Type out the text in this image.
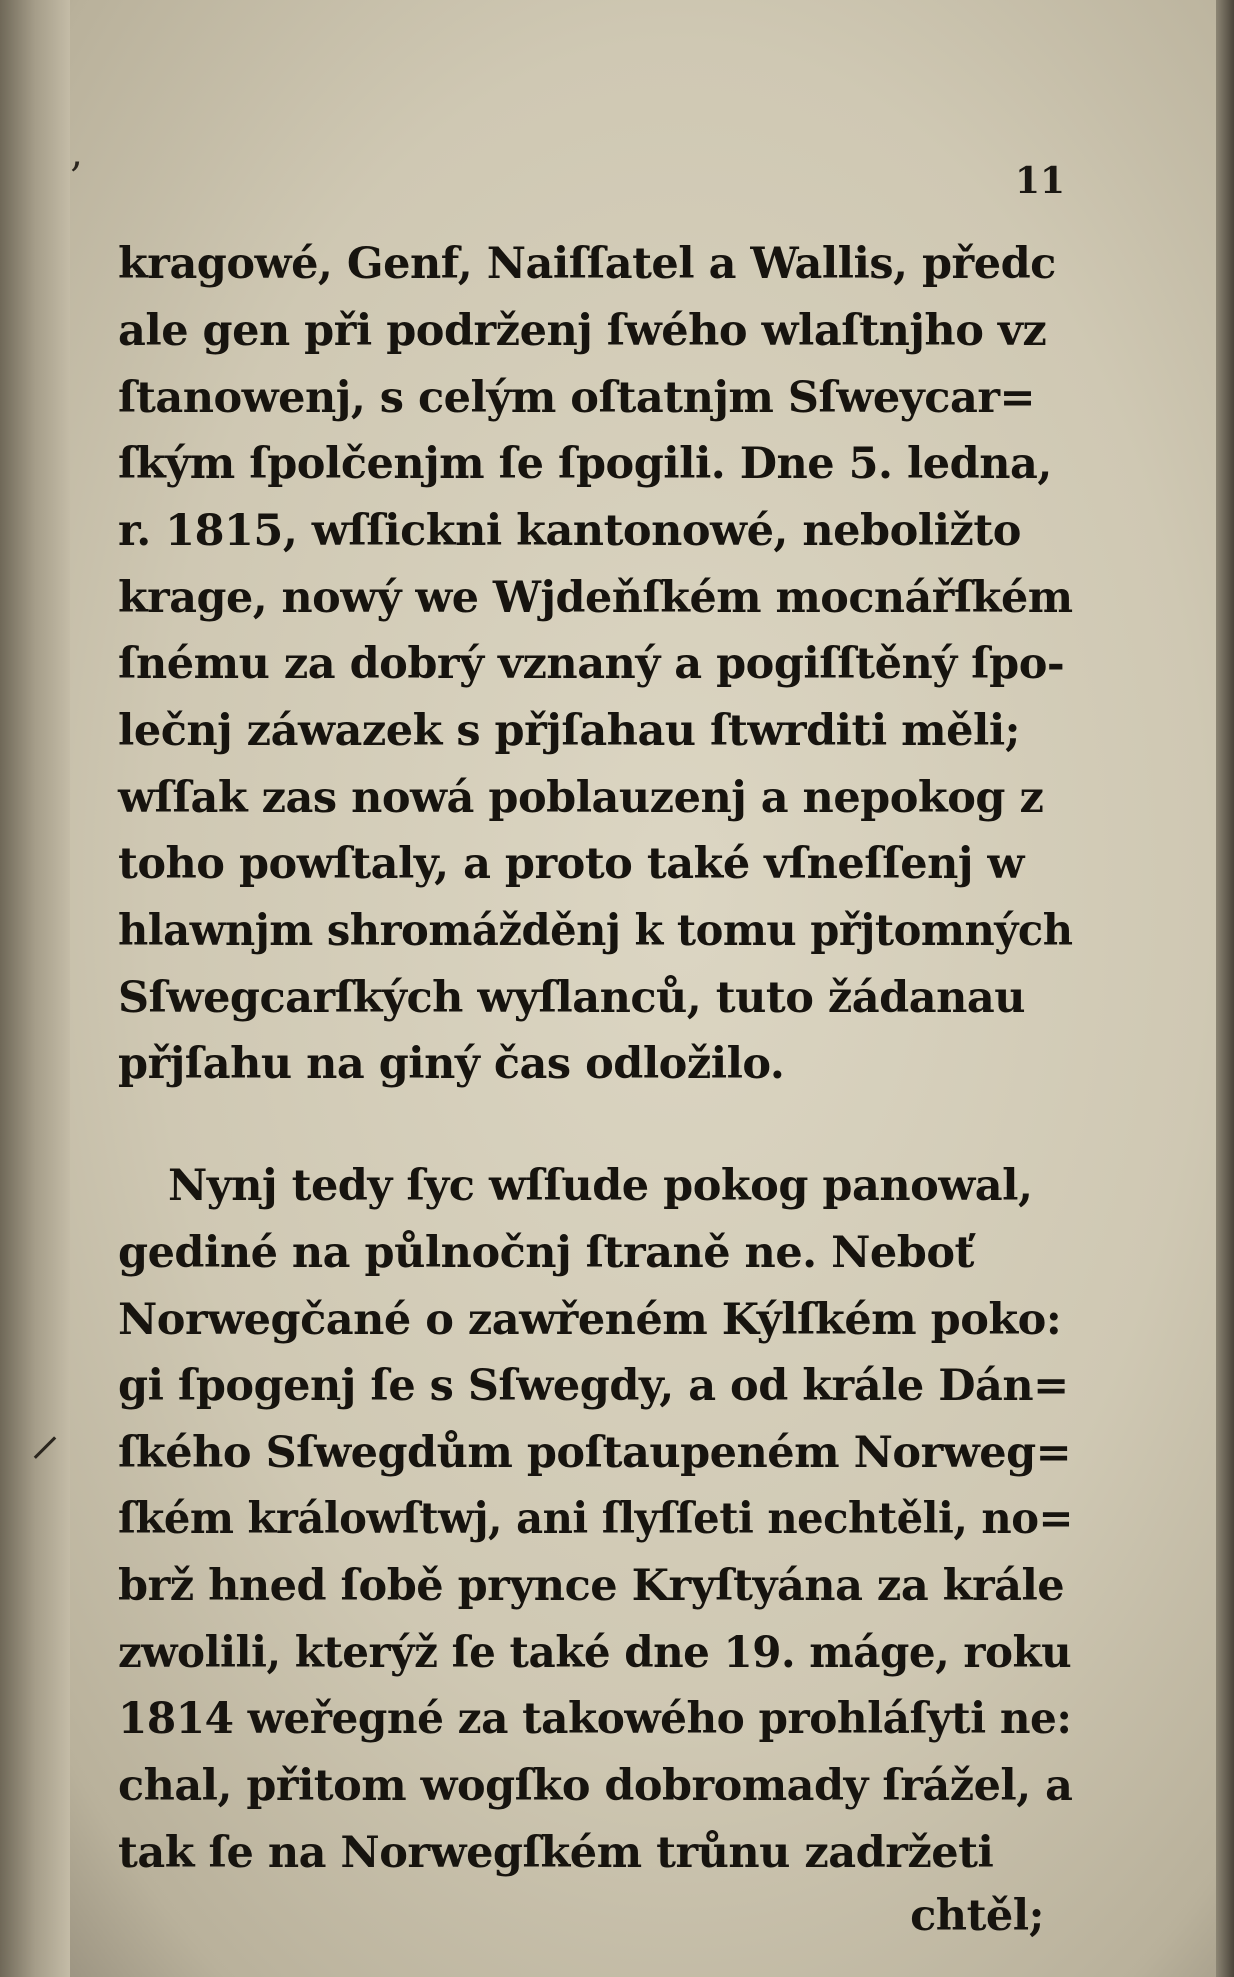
‚
⸝
11
kragowé, Genf, Naiſſatel a Wallis, předc
ale gen při podrženj ſwého wlaſtnjho vz
ſtanowenj, s celým oſtatnjm Sſweycar=
ſkým ſpolčenjm ſe ſpogili. Dne 5. ledna,
r. 1815, wſſickni kantonowé, neboližto
krage, nowý we Wjdeňſkém mocnářſkém
ſnému za dobrý vznaný a pogiſſtěný ſpo-
lečnj záwazek s přjſahau ſtwrditi měli;
wſſak zas nowá poblauzenj a nepokog z
toho powſtaly, a proto také vſneſſenj w
hlawnjm shromážděnj k tomu přjtomných
Sſwegcarſkých wyſlanců, tuto žádanau
přjſahu na giný čas odložilo.
Nynj tedy ſyc wſſude pokog panowal,
gediné na půlnočnj ſtraně ne. Neboť
Norwegčané o zawřeném Kýlſkém poko:
gi ſpogenj ſe s Sſwegdy, a od krále Dán=
ſkého Sſwegdům poſtaupeném Norweg=
ſkém králowſtwj, ani ſlyſſeti nechtěli, no=
brž hned ſobě prynce Kryſtyána za krále
zwolili, kterýž ſe také dne 19. máge, roku
1814 weřegné za takowého prohláſyti ne:
chal, přitom wogſko dobromady ſrážel, a
tak ſe na Norwegſkém trůnu zadržeti
chtěl;
